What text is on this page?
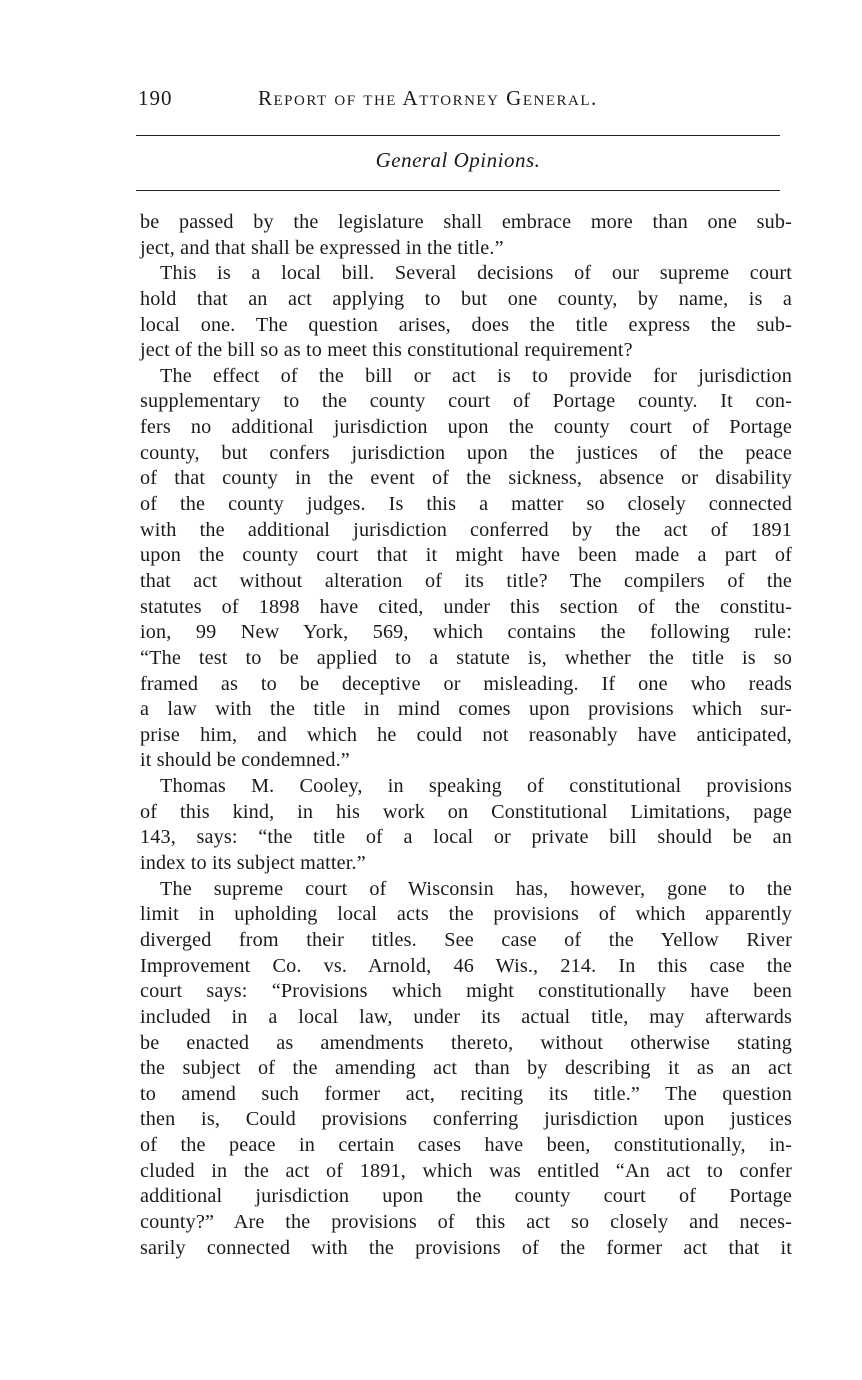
190	Report of the Attorney General.
General Opinions.
be passed by the legislature shall embrace more than one sub-
ject, and that shall be expressed in the title.”
This is a local bill. Several decisions of our supreme court
hold that an act applying to but one county, by name, is a
local one. The question arises, does the title express the sub-
ject of the bill so as to meet this constitutional requirement?
The effect of the bill or act is to provide for jurisdiction
supplementary to the county court of Portage county. It con-
fers no additional jurisdiction upon the county court of Portage
county, but confers jurisdiction upon the justices of the peace
of that county in the event of the sickness, absence or disability
of the county judges. Is this a matter so closely connected
with the additional jurisdiction conferred by the act of 1891
upon the county court that it might have been made a part of
that act without alteration of its title? The compilers of the
statutes of 1898 have cited, under this section of the constitu-
ion, 99 New York, 569, which contains the following rule:
“The test to be applied to a statute is, whether the title is so
framed as to be deceptive or misleading. If one who reads
a law with the title in mind comes upon provisions which sur-
prise him, and which he could not reasonably have anticipated,
it should be condemned.”
Thomas M. Cooley, in speaking of constitutional provisions
of this kind, in his work on Constitutional Limitations, page
143, says: “the title of a local or private bill should be an
index to its subject matter.”
The supreme court of Wisconsin has, however, gone to the
limit in upholding local acts the provisions of which apparently
diverged from their titles. See case of the Yellow River
Improvement Co. vs. Arnold, 46 Wis., 214. In this case the
court says: “Provisions which might constitutionally have been
included in a local law, under its actual title, may afterwards
be enacted as amendments thereto, without otherwise stating
the subject of the amending act than by describing it as an act
to amend such former act, reciting its title.” The question
then is, Could provisions conferring jurisdiction upon justices
of the peace in certain cases have been, constitutionally, in-
cluded in the act of 1891, which was entitled “An act to confer
additional jurisdiction upon the county court of Portage
county?” Are the provisions of this act so closely and neces-
sarily connected with the provisions of the former act that it
